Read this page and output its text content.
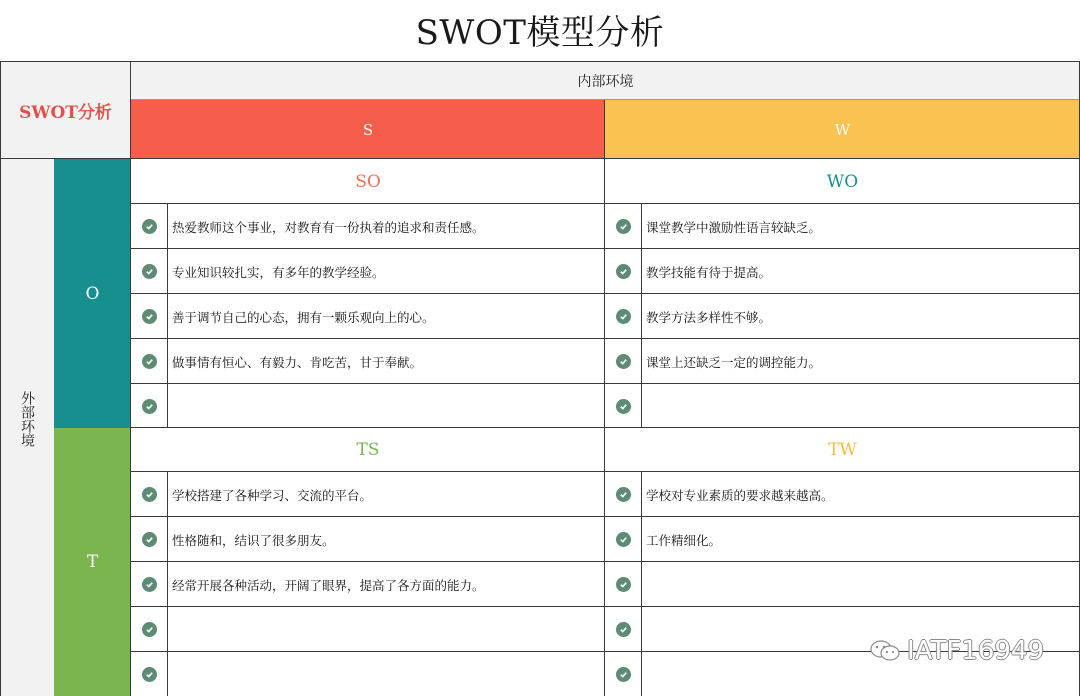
SWOT模型分析
SWOT分析
内部环境
S	W
外部环境
O
T
SO
热爱教师这个事业，对教育有一份执着的追求和责任感。
专业知识较扎实，有多年的教学经验。
善于调节自己的心态，拥有一颗乐观向上的心。
做事情有恒心、有毅力、肯吃苦，甘于奉献。
WO
课堂教学中激励性语言较缺乏。
教学技能有待于提高。
教学方法多样性不够。
课堂上还缺乏一定的调控能力。
TS
学校搭建了各种学习、交流的平台。
性格随和，结识了很多朋友。
经常开展各种活动，开阔了眼界，提高了各方面的能力。
TW
学校对专业素质的要求越来越高。
工作精细化。
IATF16949
